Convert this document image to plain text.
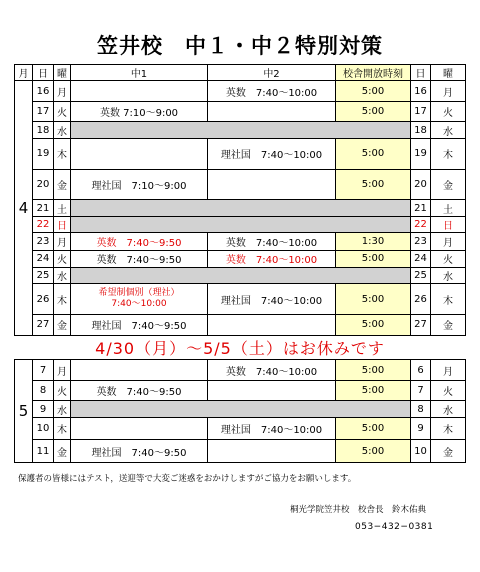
笠井校　中１・中２特別対策
月	日	曜	中1	中2	校舎開放時刻	日	曜
4	16	月		英数　7:40〜10:00	5:00	16	月
	17	火	英数 7:10〜9:00		5:00	17	火
	18	水				18	水
	19	木		理社国　7:40〜10:00	5:00	19	木
	20	金	理社国　7:10〜9:00		5:00	20	金
	21	土				21	土
	22	日				22	日
	23	月	英数　7:40〜9:50	英数　7:40〜10:00	1:30	23	月
	24	火	英数　7:40〜9:50	英数　7:40〜10:00	5:00	24	火
	25	水				25	水
	26	木	希望制個別（理社）
7:40〜10:00	理社国　7:40〜10:00	5:00	26	木
	27	金	理社国　7:40〜9:50		5:00	27	金
4/30（月）〜5/5（土）はお休みです							
5	7	月		英数　7:40〜10:00	5:00	6	月
	8	火	英数　7:40〜9:50		5:00	7	火
	9	水				8	水
	10	木		理社国　7:40〜10:00	5:00	9	木
	11	金	理社国　7:40〜9:50		5:00	10	金
保護者の皆様にはテスト，送迎等で大変ご迷惑をおかけしますがご協力をお願いします。
桐光学院笠井校　校舎長　鈴木佑典
053−432−0381
